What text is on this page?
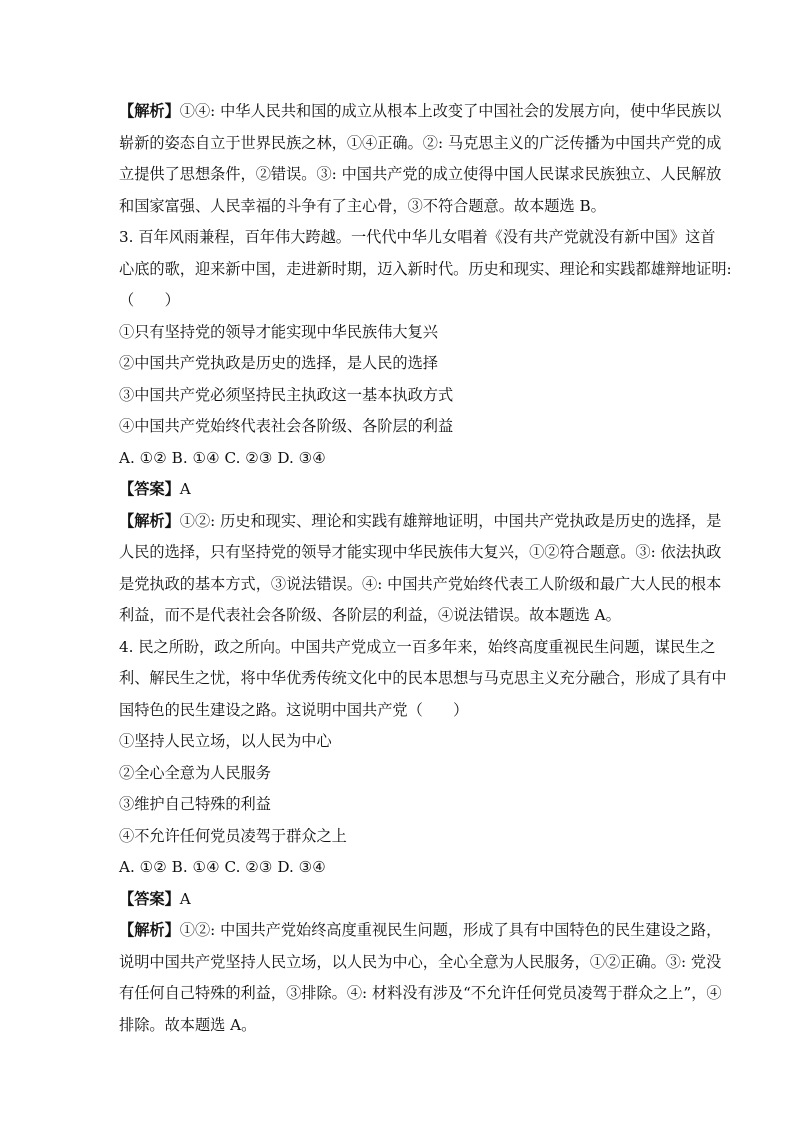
【解析】①④: 中华人民共和国的成立从根本上改变了中国社会的发展方向，使中华民族以
崭新的姿态自立于世界民族之林，①④正确。②: 马克思主义的广泛传播为中国共产党的成
立提供了思想条件，②错误。③: 中国共产党的成立使得中国人民谋求民族独立、人民解放
和国家富强、人民幸福的斗争有了主心骨，③不符合题意。故本题选 B。
3. 百年风雨兼程，百年伟大跨越。一代代中华儿女唱着《没有共产党就没有新中国》这首
心底的歌，迎来新中国，走进新时期，迈入新时代。历史和现实、理论和实践都雄辩地证明:
（　　）
①只有坚持党的领导才能实现中华民族伟大复兴
②中国共产党执政是历史的选择，是人民的选择
③中国共产党必须坚持民主执政这一基本执政方式
④中国共产党始终代表社会各阶级、各阶层的利益
A. ①② B. ①④ C. ②③ D. ③④
【答案】A
【解析】①②: 历史和现实、理论和实践有雄辩地证明，中国共产党执政是历史的选择，是
人民的选择，只有坚持党的领导才能实现中华民族伟大复兴，①②符合题意。③: 依法执政
是党执政的基本方式，③说法错误。④: 中国共产党始终代表工人阶级和最广大人民的根本
利益，而不是代表社会各阶级、各阶层的利益，④说法错误。故本题选 A。
4. 民之所盼，政之所向。中国共产党成立一百多年来，始终高度重视民生问题，谋民生之
利、解民生之忧，将中华优秀传统文化中的民本思想与马克思主义充分融合，形成了具有中
国特色的民生建设之路。这说明中国共产党（　　）
①坚持人民立场，以人民为中心
②全心全意为人民服务
③维护自己特殊的利益
④不允许任何党员凌驾于群众之上
A. ①② B. ①④ C. ②③ D. ③④
【答案】A
【解析】①②: 中国共产党始终高度重视民生问题，形成了具有中国特色的民生建设之路，
说明中国共产党坚持人民立场，以人民为中心，全心全意为人民服务，①②正确。③: 党没
有任何自己特殊的利益，③排除。④: 材料没有涉及“不允许任何党员凌驾于群众之上”，④
排除。故本题选 A。
